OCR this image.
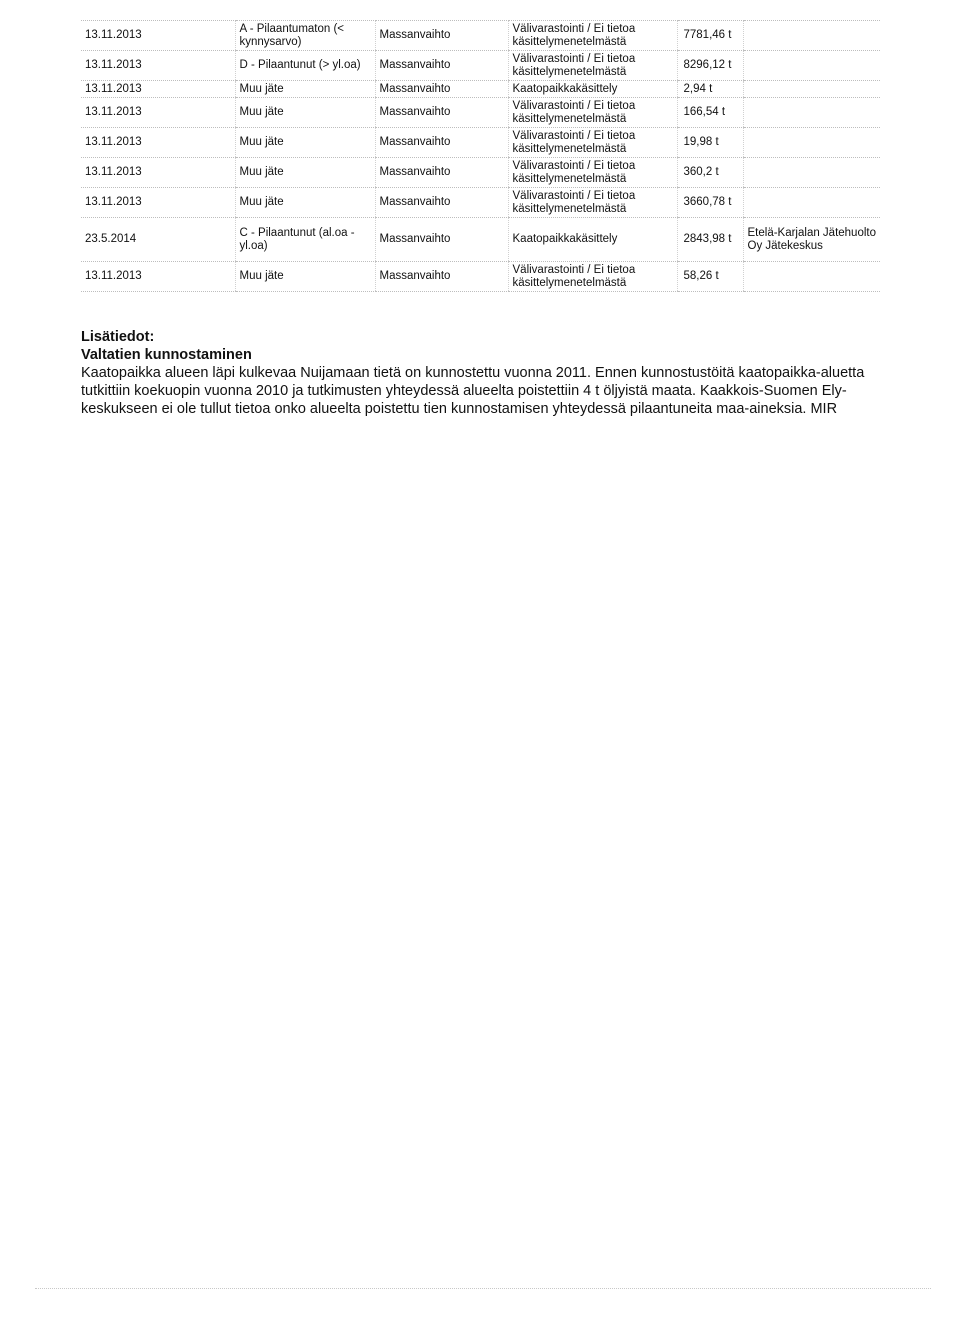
13.11.2013	A - Pilaantumaton (< kynnysarvo)	Massanvaihto	Välivarastointi / Ei tietoa käsittelymenetelmästä	7781,46 t	
13.11.2013	D - Pilaantunut (> yl.oa)	Massanvaihto	Välivarastointi / Ei tietoa käsittelymenetelmästä	8296,12 t	
13.11.2013	Muu jäte	Massanvaihto	Kaatopaikkakäsittely	2,94 t	
13.11.2013	Muu jäte	Massanvaihto	Välivarastointi / Ei tietoa käsittelymenetelmästä	166,54 t	
13.11.2013	Muu jäte	Massanvaihto	Välivarastointi / Ei tietoa käsittelymenetelmästä	19,98 t	
13.11.2013	Muu jäte	Massanvaihto	Välivarastointi / Ei tietoa käsittelymenetelmästä	360,2 t	
13.11.2013	Muu jäte	Massanvaihto	Välivarastointi / Ei tietoa käsittelymenetelmästä	3660,78 t	
23.5.2014	C - Pilaantunut (al.oa - yl.oa)	Massanvaihto	Kaatopaikkakäsittely	2843,98 t	Etelä-Karjalan Jätehuolto Oy Jätekeskus
13.11.2013	Muu jäte	Massanvaihto	Välivarastointi / Ei tietoa käsittelymenetelmästä	58,26 t	

Lisätiedot:

Valtatien kunnostaminen

Kaatopaikka alueen läpi kulkevaa Nuijamaan tietä on kunnostettu vuonna 2011. Ennen kunnostustöitä kaatopaikka-aluetta tutkittiin koekuopin vuonna 2010 ja tutkimusten yhteydessä alueelta poistettiin 4 t öljyistä maata. Kaakkois-Suomen Ely-keskukseen ei ole tullut tietoa onko alueelta poistettu tien kunnostamisen yhteydessä pilaantuneita maa-aineksia. MIR
